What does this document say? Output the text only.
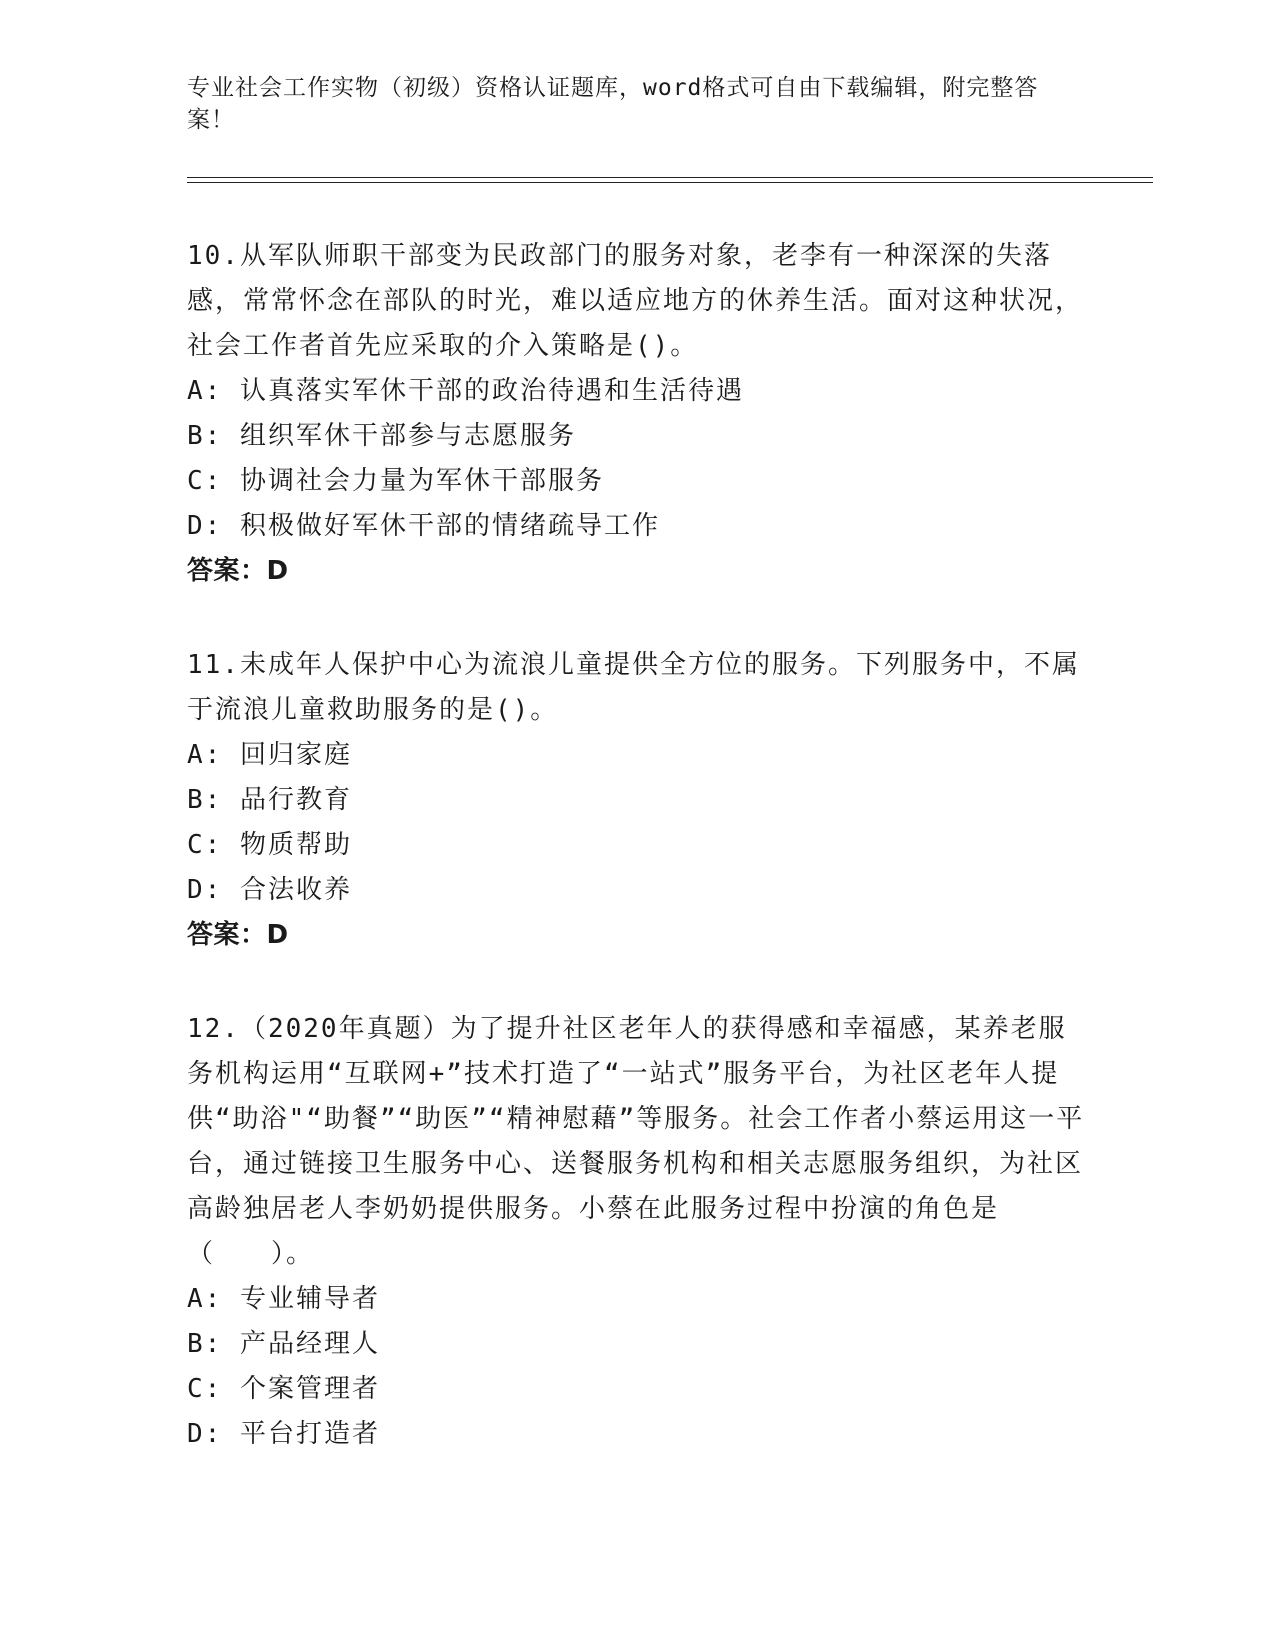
专业社会工作实物（初级）资格认证题库，word格式可自由下载编辑，附完整答案！
10.从军队师职干部变为民政部门的服务对象，老李有一种深深的失落感，常常怀念在部队的时光，难以适应地方的休养生活。面对这种状况，社会工作者首先应采取的介入策略是()。
A: 认真落实军休干部的政治待遇和生活待遇
B: 组织军休干部参与志愿服务
C: 协调社会力量为军休干部服务
D: 积极做好军休干部的情绪疏导工作
答案：D
11.未成年人保护中心为流浪儿童提供全方位的服务。下列服务中，不属于流浪儿童救助服务的是()。
A: 回归家庭
B: 品行教育
C: 物质帮助
D: 合法收养
答案：D
12.（2020年真题）为了提升社区老年人的获得感和幸福感，某养老服务机构运用“互联网+”技术打造了“一站式”服务平台，为社区老年人提供“助浴"“助餐”“助医”“精神慰藉”等服务。社会工作者小蔡运用这一平台，通过链接卫生服务中心、送餐服务机构和相关志愿服务组织，为社区高龄独居老人李奶奶提供服务。小蔡在此服务过程中扮演的角色是（　　）。
A: 专业辅导者
B: 产品经理人
C: 个案管理者
D: 平台打造者
